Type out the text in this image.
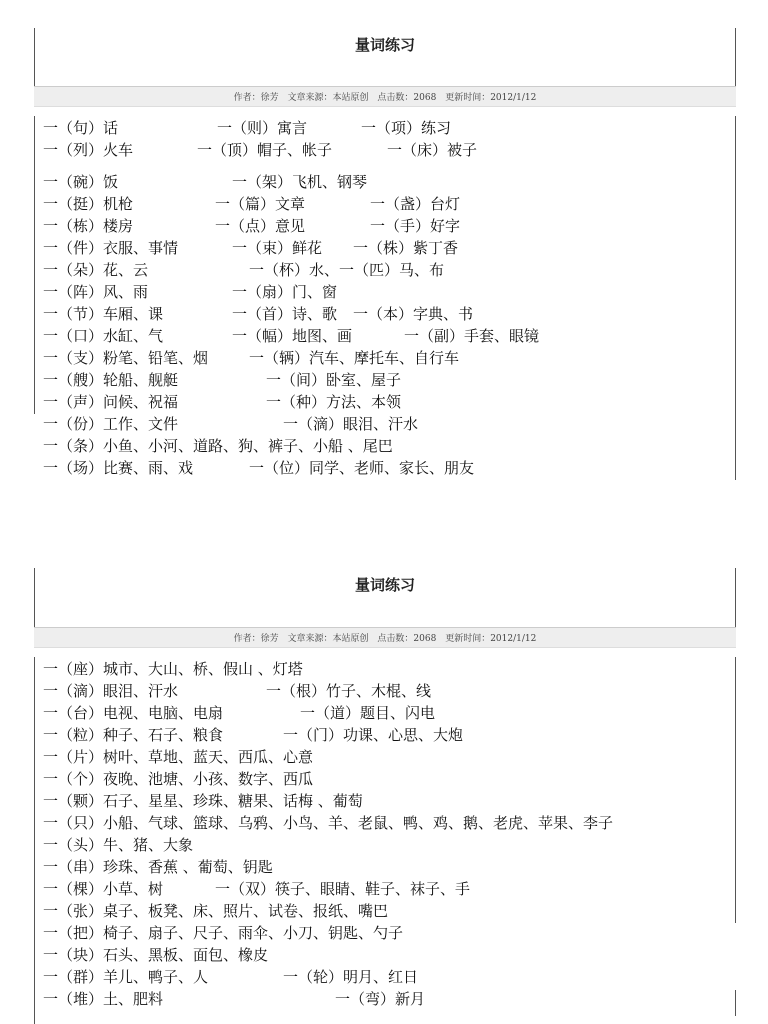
量词练习
作者：徐芳 文章来源：本站原创 点击数：2068 更新时间：2012/1/12
一（句）话	一（则）寓言	一（项）练习
一（列）火车	一（顶）帽子、帐子	一（床）被子
一（碗）饭	一（架）飞机、钢琴
一（挺）机枪	一（篇）文章	一（盏）台灯
一（栋）楼房	一（点）意见	一（手）好字
一（件）衣服、事情	一（束）鲜花 一（株）紫丁香
一（朵）花、云	一（杯）水、一（匹）马、布
一（阵）风、雨	一（扇）门、窗
一（节）车厢、课	一（首）诗、歌 一（本）字典、书
一（口）水缸、气	一（幅）地图、画	一（副）手套、眼镜
一（支）粉笔、铅笔、烟	一（辆）汽车、摩托车、自行车
一（艘）轮船、舰艇	一（间）卧室、屋子
一（声）问候、祝福	一（种）方法、本领
一（份）工作、文件	一（滴）眼泪、汗水
一（条）小鱼、小河、道路、狗、裤子、小船 、尾巴
一（场）比赛、雨、戏	一（位）同学、老师、家长、朋友
量词练习
作者：徐芳 文章来源：本站原创 点击数：2068 更新时间：2012/1/12
一（座）城市、大山、桥、假山 、灯塔
一（滴）眼泪、汗水	一（根）竹子、木棍、线
一（台）电视、电脑、电扇	一（道）题目、闪电
一（粒）种子、石子、粮食	一（门）功课、心思、大炮
一（片）树叶、草地、蓝天、西瓜、心意
一（个）夜晚、池塘、小孩、数字、西瓜
一（颗）石子、星星、珍珠、糖果、话梅 、葡萄
一（只）小船、气球、篮球、乌鸦、小鸟、羊、老鼠、鸭、鸡、鹅、老虎、苹果、李子
一（头）牛、猪、大象
一（串）珍珠、香蕉 、葡萄、钥匙
一（棵）小草、树	一（双）筷子、眼睛、鞋子、袜子、手
一（张）桌子、板凳、床、照片、试卷、报纸、嘴巴
一（把）椅子、扇子、尺子、雨伞、小刀、钥匙、勺子
一（块）石头、黑板、面包、橡皮
一（群）羊儿、鸭子、人	一（轮）明月、红日
一（堆）土、肥料	一（弯）新月
